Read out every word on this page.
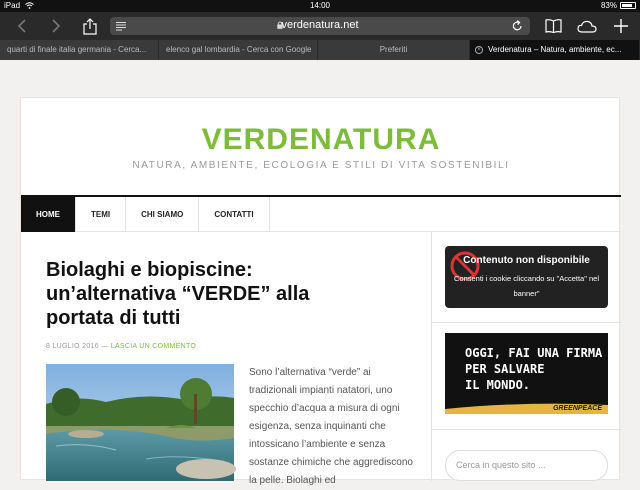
iPad	14:00	83%
verdenatura.net
quarti di finale italia germania - Cerca...	elenco gal lombardia - Cerca con Google	Preferiti	× Verdenatura – Natura, ambiente, ec...
VERDENATURA
NATURA, AMBIENTE, ECOLOGIA E STILI DI VITA SOSTENIBILI
HOME	TEMI	CHI SIAMO	CONTATTI
Biolaghi e biopiscine: un’alternativa “VERDE” alla portata di tutti
8 LUGLIO 2016 — LASCIA UN COMMENTO
Sono l’alternativa “verde” ai tradizionali impianti natatori, uno specchio d’acqua a misura di ogni esigenza, senza inquinanti che intossicano l’ambiente e senza sostanze chimiche che aggrediscono la pelle. Biolaghi ed
Contenuto non disponibile
Consenti i cookie cliccando su "Accetta" nel banner"
OGGI, FAI UNA FIRMA
PER SALVARE
IL MONDO.
GREENPEACE
Cerca in questo sito ...
